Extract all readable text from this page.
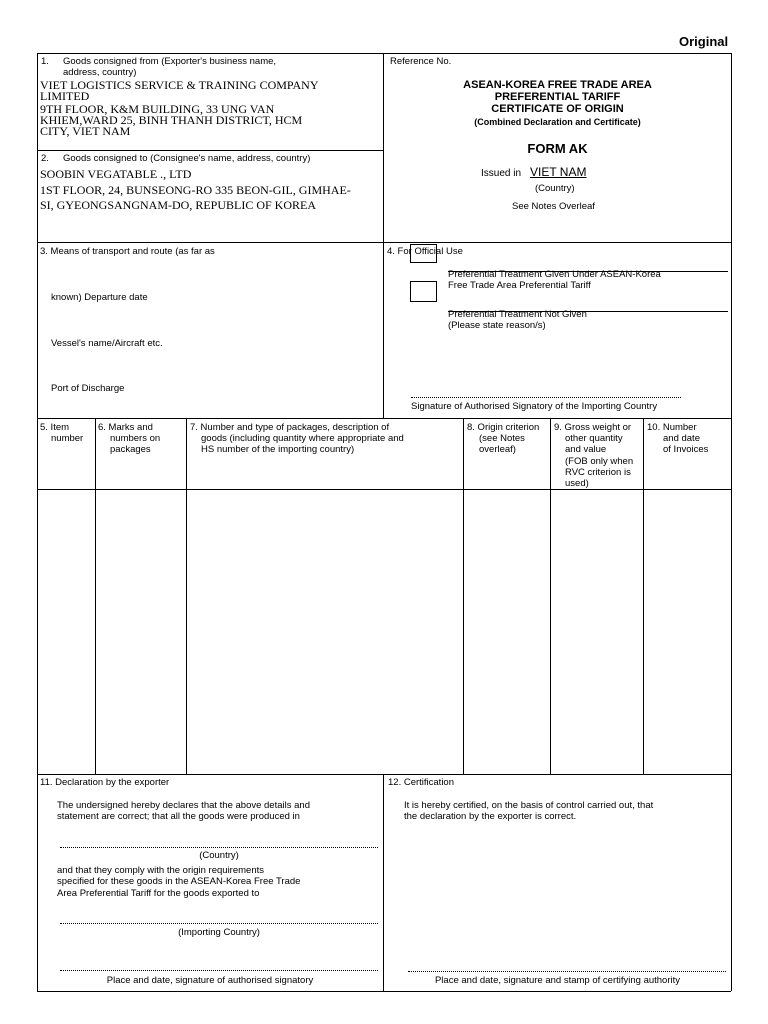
Original
1. Goods consigned from (Exporter's business name,
address, country)
VIET LOGISTICS SERVICE & TRAINING COMPANY
LIMITED
9TH FLOOR, K&M BUILDING, 33 UNG VAN
KHIEM,WARD 25, BINH THANH DISTRICT, HCM
CITY, VIET NAM
2. Goods consigned to (Consignee's name, address, country)
SOOBIN VEGATABLE ., LTD
1ST FLOOR, 24, BUNSEONG-RO 335 BEON-GIL, GIMHAE-
SI, GYEONGSANGNAM-DO, REPUBLIC OF KOREA
Reference No.
ASEAN-KOREA FREE TRADE AREA
PREFERENTIAL TARIFF
CERTIFICATE OF ORIGIN
(Combined Declaration and Certificate)
FORM AK
Issued in VIET NAM
(Country)
See Notes Overleaf
3. Means of transport and route (as far as
known) Departure date
Vessel's name/Aircraft etc.
Port of Discharge
4. For Official Use
Preferential Treatment Given Under ASEAN-Korea
Free Trade Area Preferential Tariff
Preferential Treatment Not Given
(Please state reason/s)
Signature of Authorised Signatory of the Importing Country
5. Item
number
6. Marks and
numbers on
packages
7. Number and type of packages, description of
goods (including quantity where appropriate and
HS number of the importing country)
8. Origin criterion
(see Notes
overleaf)
9. Gross weight or
other quantity
and value
(FOB only when
RVC criterion is
used)
10. Number
and date
of Invoices
11. Declaration by the exporter
The undersigned hereby declares that the above details and
statement are correct; that all the goods were produced in
(Country)
and that they comply with the origin requirements
specified for these goods in the ASEAN-Korea Free Trade
Area Preferential Tariff for the goods exported to
(Importing Country)
Place and date, signature of authorised signatory
12. Certification
It is hereby certified, on the basis of control carried out, that
the declaration by the exporter is correct.
Place and date, signature and stamp of certifying authority
